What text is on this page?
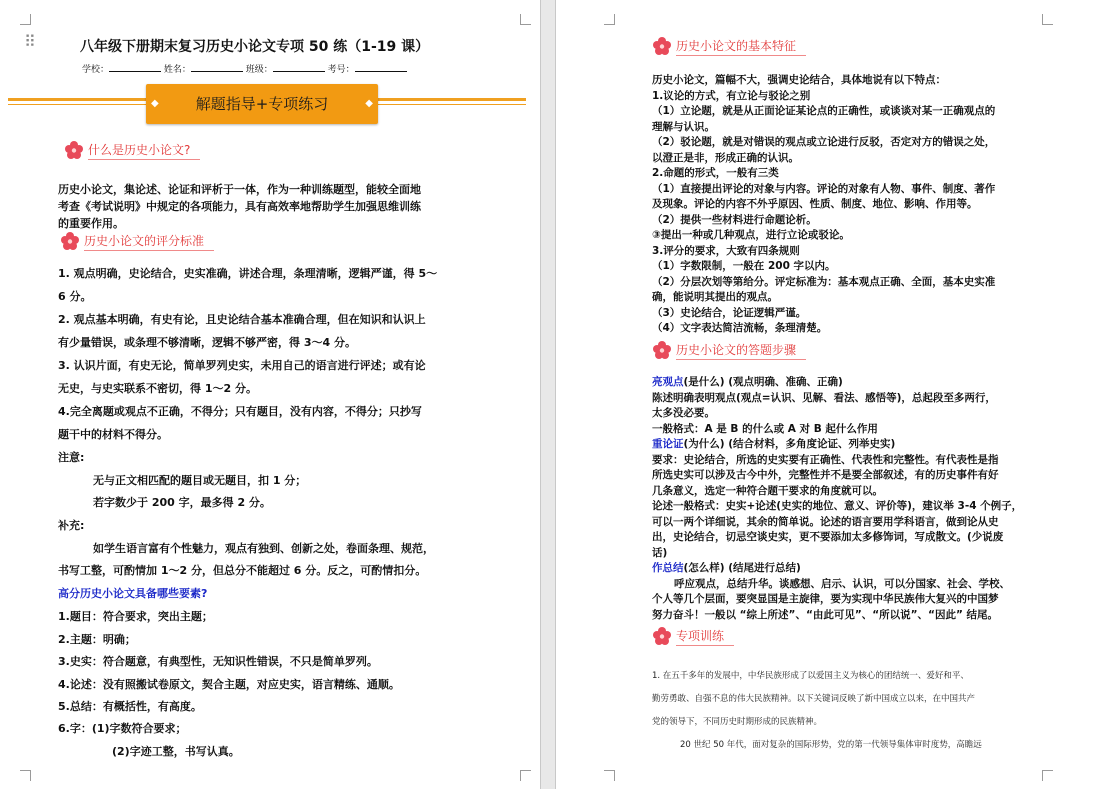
⠿	八年级下册期末复习历史小论文专项 50 练（1-19 课）
学校：	姓名：	班级：	考号：
◆ 解题指导+专项练习	◆
什么是历史小论文?
历史小论文，集论述、论证和评析于一体，作为一种训练题型，能较全面地
考查《考试说明》中规定的各项能力，具有高效率地帮助学生加强思维训练
的重要作用。
历史小论文的评分标准
1. 观点明确，史论结合，史实准确，讲述合理，条理清晰，逻辑严谨，得 5～
6 分。
2. 观点基本明确，有史有论，且史论结合基本准确合理，但在知识和认识上
有少量错误，或条理不够清晰，逻辑不够严密，得 3～4 分。
3. 认识片面，有史无论，简单罗列史实，未用自己的语言进行评述；或有论
无史，与史实联系不密切，得 1～2 分。
4.完全离题或观点不正确，不得分；只有题目，没有内容，不得分；只抄写
题干中的材料不得分。
注意:
无与正文相匹配的题目或无题目，扣 1 分；
若字数少于 200 字，最多得 2 分。
补充:
如学生语言富有个性魅力，观点有独到、创新之处，卷面条理、规范，
书写工整，可酌情加 1～2 分，但总分不能超过 6 分。反之，可酌情扣分。
高分历史小论文具备哪些要素?
1.题目：符合要求，突出主题；
2.主题：明确；
3.史实：符合题意，有典型性，无知识性错误，不只是简单罗列。
4.论述：没有照搬试卷原文，契合主题，对应史实，语言精练、通顺。
5.总结：有概括性，有高度。
6.字：(1)字数符合要求；
(2)字迹工整，书写认真。
历史小论文的基本特征
历史小论文，篇幅不大，强调史论结合，具体地说有以下特点：
1.议论的方式，有立论与驳论之别
（1）立论题，就是从正面论证某论点的正确性，或谈谈对某一正确观点的
理解与认识。
（2）驳论题，就是对错误的观点或立论进行反驳，否定对方的错误之处，
以澄正是非，形成正确的认识。
2.命题的形式，一般有三类
（1）直接提出评论的对象与内容。评论的对象有人物、事件、制度、著作
及现象。评论的内容不外乎原因、性质、制度、地位、影响、作用等。
（2）提供一些材料进行命题论析。
③提出一种或几种观点，进行立论或驳论。
3.评分的要求，大致有四条规则
（1）字数限制，一般在 200 字以内。
（2）分层次划等第给分。评定标准为：基本观点正确、全面，基本史实准
确，能说明其提出的观点。
（3）史论结合，论证逻辑严谨。
（4）文字表达简洁流畅，条理清楚。
历史小论文的答题步骤
亮观点(是什么) (观点明确、准确、正确)
陈述明确表明观点(观点=认识、见解、看法、感悟等)，总起段至多两行，
太多没必要。
一般格式：A 是 B 的什么或 A 对 B 起什么作用
重论证(为什么) (结合材料，多角度论证、列举史实)
要求：史论结合，所选的史实要有正确性、代表性和完整性。有代表性是指
所选史实可以涉及古今中外，完整性并不是要全部叙述，有的历史事件有好
几条意义，选定一种符合题干要求的角度就可以。
论述一般格式：史实+论述(史实的地位、意义、评价等)，建议举 3-4 个例子，
可以一两个详细说，其余的简单说。论述的语言要用学科语言，做到论从史
出，史论结合，切忌空谈史实，更不要添加太多修饰词，写成散文。(少说废
话)
作总结(怎么样) (结尾进行总结)
呼应观点，总结升华。谈感想、启示、认识，可以分国家、社会、学校、
个人等几个层面，要突显国是主旋律，要为实现中华民族伟大复兴的中国梦
努力奋斗！一般以 “综上所述”、“由此可见”、“所以说”、“因此” 结尾。
专项训练
1. 在五千多年的发展中，中华民族形成了以爱国主义为核心的团结统一、爱好和平、
勤劳勇敢、自强不息的伟大民族精神。以下关键词反映了新中国成立以来，在中国共产
党的领导下，不同历史时期形成的民族精神。
20 世纪 50 年代，面对复杂的国际形势，党的第一代领导集体审时度势，高瞻远
